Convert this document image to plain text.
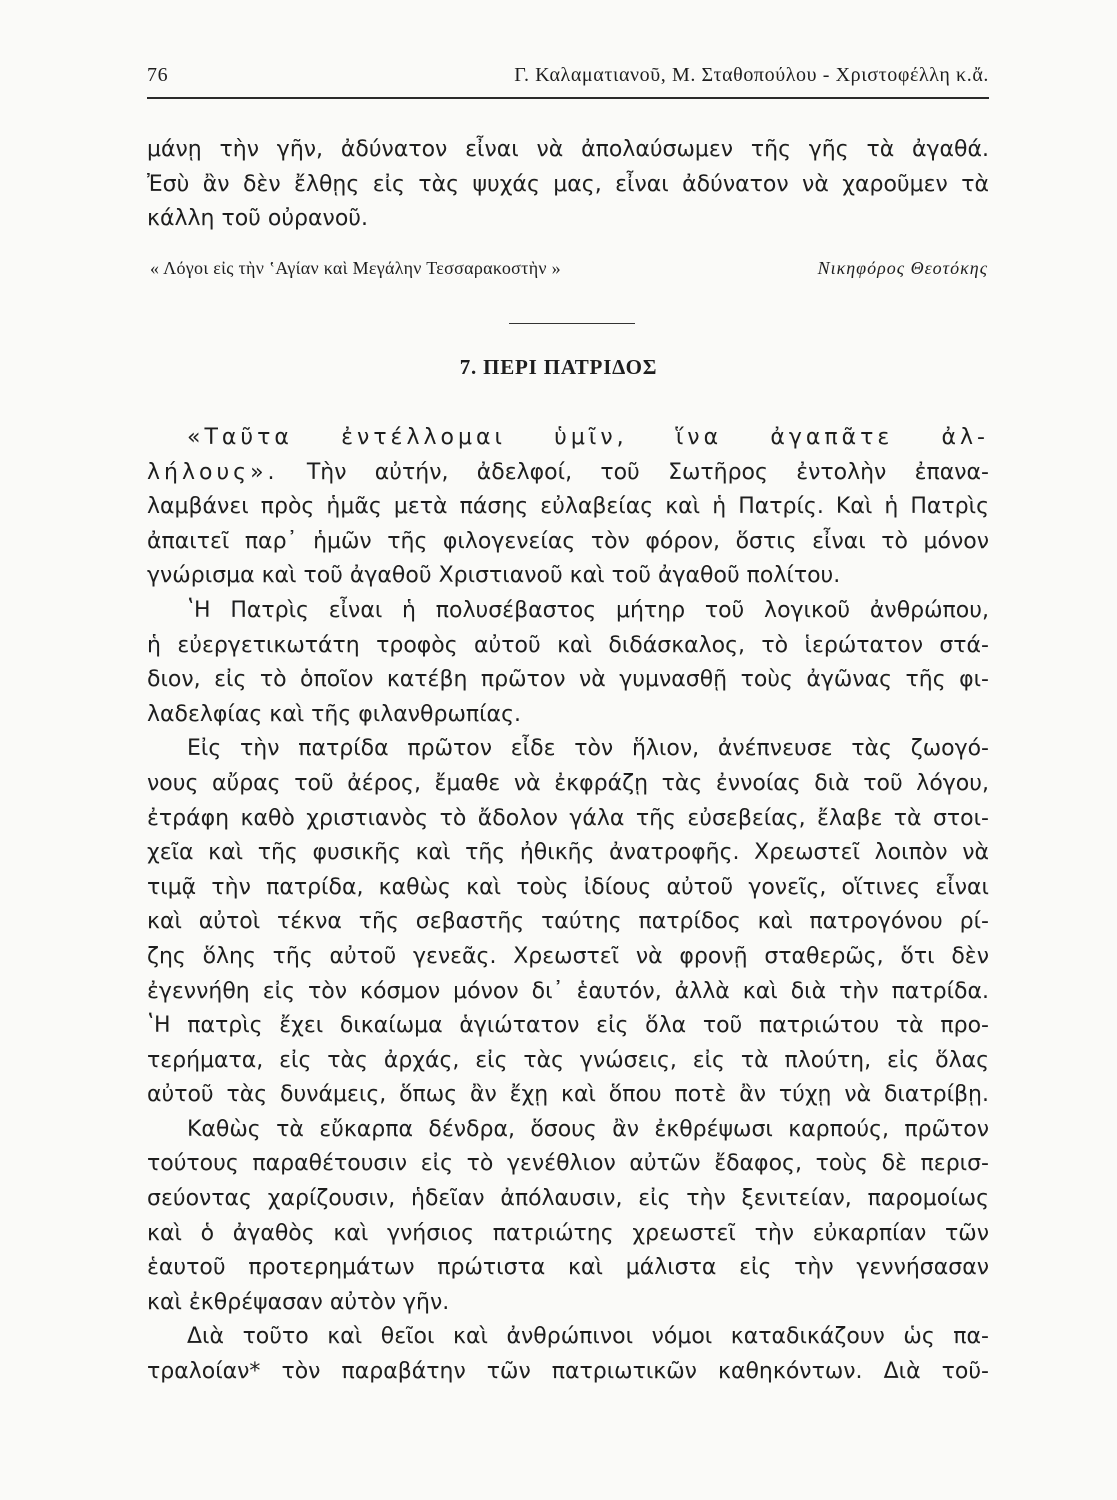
76	Γ. Καλαματιανοῦ, Μ. Σταθοπούλου - Χριστοφέλλη κ.ἄ.
μάνῃ τὴν γῆν, ἀδύνατον εἶναι νὰ ἀπολαύσωμεν τῆς γῆς τὰ ἀγαθά.
Ἐσὺ ἂν δὲν ἔλθῃς εἰς τὰς ψυχάς μας, εἶναι ἀδύνατον νὰ χαροῦμεν τὰ
κάλλη τοῦ οὐρανοῦ.
« Λόγοι εἰς τὴν ʽΑγίαν καὶ Μεγάλην Τεσσαρακοστὴν »	Νικηφόρος Θεοτόκης
7. ΠΕΡΙ ΠΑΤΡΙΔΟΣ
«Ταῦτα ἐντέλλομαι ὑμῖν, ἵνα ἀγαπᾶτε ἀλ-
λήλους». Τὴν αὐτήν, ἀδελφοί, τοῦ Σωτῆρος ἐντολὴν ἐπανα-
λαμβάνει πρὸς ἡμᾶς μετὰ πάσης εὐλαβείας καὶ ἡ Πατρίς. Καὶ ἡ Πατρὶς
ἀπαιτεῖ παρ᾽ ἡμῶν τῆς φιλογενείας τὸν φόρον, ὅστις εἶναι τὸ μόνον
γνώρισμα καὶ τοῦ ἀγαθοῦ Χριστιανοῦ καὶ τοῦ ἀγαθοῦ πολίτου.
ʽΗ Πατρὶς εἶναι ἡ πολυσέβαστος μήτηρ τοῦ λογικοῦ ἀνθρώπου,
ἡ εὐεργετικωτάτη τροφὸς αὐτοῦ καὶ διδάσκαλος, τὸ ἱερώτατον στά-
διον, εἰς τὸ ὁποῖον κατέβη πρῶτον νὰ γυμνασθῇ τοὺς ἀγῶνας τῆς φι-
λαδελφίας καὶ τῆς φιλανθρωπίας.
Εἰς τὴν πατρίδα πρῶτον εἶδε τὸν ἥλιον, ἀνέπνευσε τὰς ζωογό-
νους αὔρας τοῦ ἀέρος, ἔμαθε νὰ ἐκφράζῃ τὰς ἐννοίας διὰ τοῦ λόγου,
ἐτράφη καθὸ χριστιανὸς τὸ ἄδολον γάλα τῆς εὐσεβείας, ἔλαβε τὰ στοι-
χεῖα καὶ τῆς φυσικῆς καὶ τῆς ἠθικῆς ἀνατροφῆς. Χρεωστεῖ λοιπὸν νὰ
τιμᾷ τὴν πατρίδα, καθὼς καὶ τοὺς ἰδίους αὐτοῦ γονεῖς, οἵτινες εἶναι
καὶ αὐτοὶ τέκνα τῆς σεβαστῆς ταύτης πατρίδος καὶ πατρογόνου ρί-
ζης ὅλης τῆς αὐτοῦ γενεᾶς. Χρεωστεῖ νὰ φρονῇ σταθερῶς, ὅτι δὲν
ἐγεννήθη εἰς τὸν κόσμον μόνον δι᾽ ἑαυτόν, ἀλλὰ καὶ διὰ τὴν πατρίδα.
ʽΗ πατρὶς ἔχει δικαίωμα ἁγιώτατον εἰς ὅλα τοῦ πατριώτου τὰ προ-
τερήματα, εἰς τὰς ἀρχάς, εἰς τὰς γνώσεις, εἰς τὰ πλούτη, εἰς ὅλας
αὐτοῦ τὰς δυνάμεις, ὅπως ἂν ἔχῃ καὶ ὅπου ποτὲ ἂν τύχῃ νὰ διατρίβῃ.
Καθὼς τὰ εὔκαρπα δένδρα, ὅσους ἂν ἐκθρέψωσι καρπούς, πρῶτον
τούτους παραθέτουσιν εἰς τὸ γενέθλιον αὐτῶν ἔδαφος, τοὺς δὲ περισ-
σεύοντας χαρίζουσιν, ἡδεῖαν ἀπόλαυσιν, εἰς τὴν ξενιτείαν, παρομοίως
καὶ ὁ ἀγαθὸς καὶ γνήσιος πατριώτης χρεωστεῖ τὴν εὐκαρπίαν τῶν
ἑαυτοῦ προτερημάτων πρώτιστα καὶ μάλιστα εἰς τὴν γεννήσασαν
καὶ ἐκθρέψασαν αὐτὸν γῆν.
Διὰ τοῦτο καὶ θεῖοι καὶ ἀνθρώπινοι νόμοι καταδικάζουν ὡς πα-
τραλοίαν* τὸν παραβάτην τῶν πατριωτικῶν καθηκόντων. Διὰ τοῦ-
